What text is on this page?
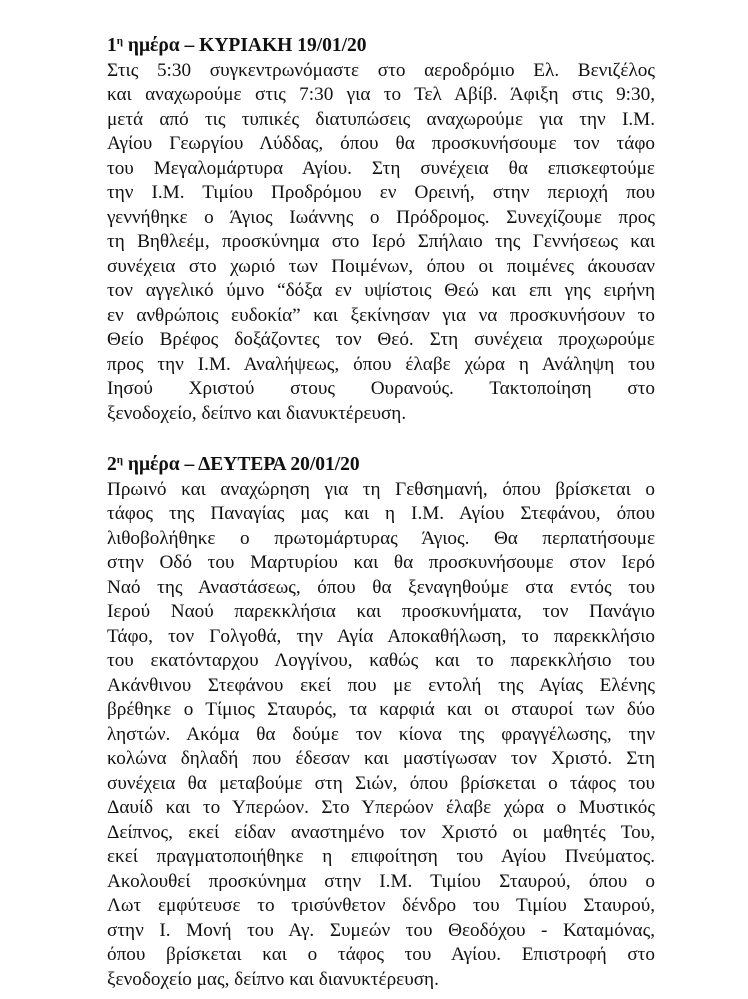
$1^\eta$ ημέρα – ΚΥΡΙΑΚΗ 19/01/20
Στις 5:30 συγκεντρωνόμαστε στο αεροδρόμιο Ελ. Βενιζέλος
και αναχωρούμε στις 7:30 για το Τελ Αβίβ. Άφιξη στις 9:30,
μετά από τις τυπικές διατυπώσεις αναχωρούμε για την Ι.Μ.
Αγίου Γεωργίου Λύδδας, όπου θα προσκυνήσουμε τον τάφο
του Μεγαλομάρτυρα Αγίου. Στη συνέχεια θα επισκεφτούμε
την Ι.Μ. Τιμίου Προδρόμου εν Ορεινή, στην περιοχή που
γεννήθηκε ο Άγιος Ιωάννης ο Πρόδρομος. Συνεχίζουμε προς
τη Βηθλεέμ, προσκύνημα στο Ιερό Σπήλαιο της Γεννήσεως και
συνέχεια στο χωριό των Ποιμένων, όπου οι ποιμένες άκουσαν
τον αγγελικό ύμνο “δόξα εν υψίστοις Θεώ και επι γης ειρήνη
εν ανθρώποις ευδοκία” και ξεκίνησαν για να προσκυνήσουν το
Θείο Βρέφος δοξάζοντες τον Θεό. Στη συνέχεια προχωρούμε
προς την Ι.Μ. Αναλήψεως, όπου έλαβε χώρα η Ανάληψη του
Ιησού Χριστού στους Ουρανούς. Τακτοποίηση στο
ξενοδοχείο, δείπνο και διανυκτέρευση.
$2^\eta$ ημέρα – ΔΕΥΤΕΡΑ 20/01/20
Πρωινό και αναχώρηση για τη Γεθσημανή, όπου βρίσκεται ο
τάφος της Παναγίας μας και η Ι.Μ. Αγίου Στεφάνου, όπου
λιθοβολήθηκε ο πρωτομάρτυρας Άγιος. Θα περπατήσουμε
στην Οδό του Μαρτυρίου και θα προσκυνήσουμε στον Ιερό
Ναό της Αναστάσεως, όπου θα ξεναγηθούμε στα εντός του
Ιερού Ναού παρεκκλήσια και προσκυνήματα, τον Πανάγιο
Τάφο, τον Γολγοθά, την Αγία Αποκαθήλωση, το παρεκκλήσιο
του εκατόνταρχου Λογγίνου, καθώς και το παρεκκλήσιο του
Ακάνθινου Στεφάνου εκεί που με εντολή της Αγίας Ελένης
βρέθηκε ο Τίμιος Σταυρός, τα καρφιά και οι σταυροί των δύο
ληστών. Ακόμα θα δούμε τον κίονα της φραγγέλωσης, την
κολώνα δηλαδή που έδεσαν και μαστίγωσαν τον Χριστό. Στη
συνέχεια θα μεταβούμε στη Σιών, όπου βρίσκεται ο τάφος του
Δαυίδ και το Υπερώον. Στο Υπερώον έλαβε χώρα ο Μυστικός
Δείπνος, εκεί είδαν αναστημένο τον Χριστό οι μαθητές Του,
εκεί πραγματοποιήθηκε η επιφοίτηση του Αγίου Πνεύματος.
Ακολουθεί προσκύνημα στην Ι.Μ. Τιμίου Σταυρού, όπου ο
Λωτ εμφύτευσε το τρισύνθετον δένδρο του Τιμίου Σταυρού,
στην Ι. Μονή του Αγ. Συμεών του Θεοδόχου - Καταμόνας,
όπου βρίσκεται και ο τάφος του Αγίου. Επιστροφή στο
ξενοδοχείο μας, δείπνο και διανυκτέρευση.
